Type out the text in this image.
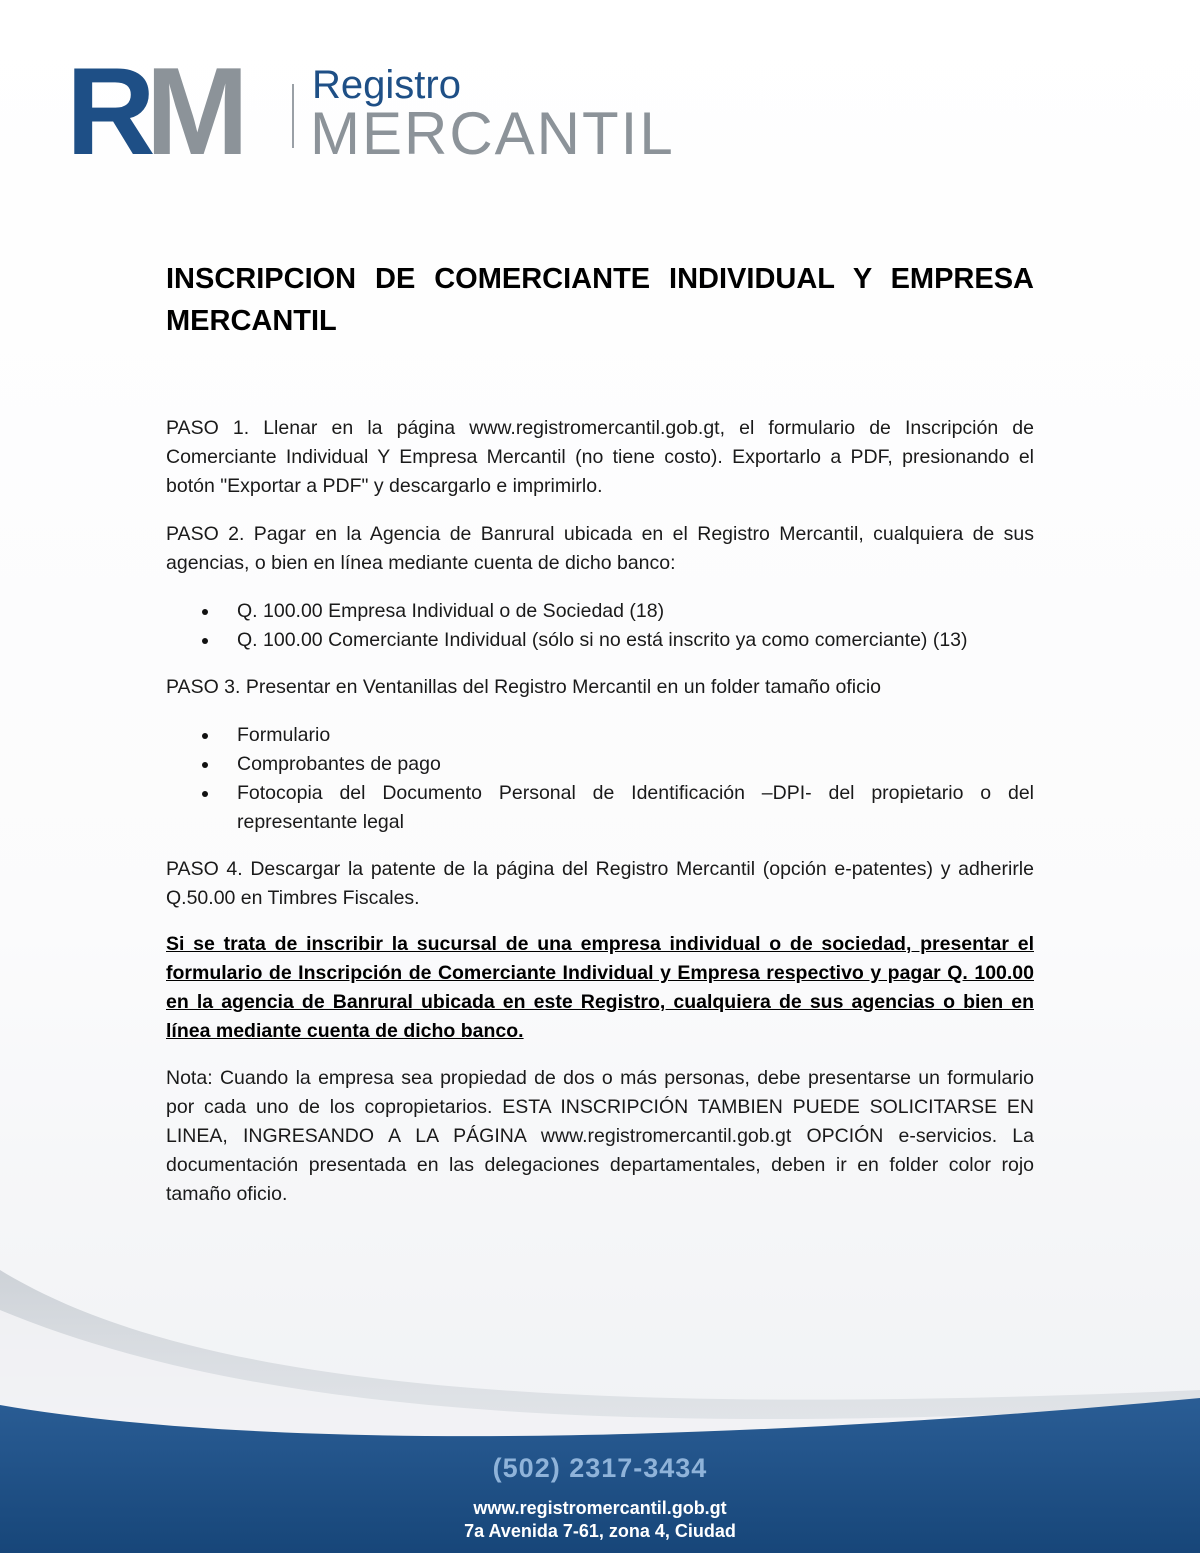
RM Registro
MERCANTIL
INSCRIPCION DE COMERCIANTE INDIVIDUAL Y EMPRESA MERCANTIL

PASO 1. Llenar en la página www.registromercantil.gob.gt, el formulario de Inscripción de Comerciante Individual Y Empresa Mercantil (no tiene costo). Exportarlo a PDF, presionando el botón "Exportar a PDF" y descargarlo e imprimirlo.

PASO 2. Pagar en la Agencia de Banrural ubicada en el Registro Mercantil, cualquiera de sus agencias, o bien en línea mediante cuenta de dicho banco:

Q. 100.00 Empresa Individual o de Sociedad (18)
Q. 100.00 Comerciante Individual (sólo si no está inscrito ya como comerciante) (13)

PASO 3. Presentar en Ventanillas del Registro Mercantil en un folder tamaño oficio

Formulario
Comprobantes de pago
Fotocopia del Documento Personal de Identificación –DPI- del propietario o del representante legal

PASO 4. Descargar la patente de la página del Registro Mercantil (opción e-patentes) y adherirle Q.50.00 en Timbres Fiscales.

Si se trata de inscribir la sucursal de una empresa individual o de sociedad, presentar el formulario de Inscripción de Comerciante Individual y Empresa respectivo y pagar Q. 100.00 en la agencia de Banrural ubicada en este Registro, cualquiera de sus agencias o bien en línea mediante cuenta de dicho banco.

Nota: Cuando la empresa sea propiedad de dos o más personas, debe presentarse un formulario por cada uno de los copropietarios. ESTA INSCRIPCIÓN TAMBIEN PUEDE SOLICITARSE EN LINEA, INGRESANDO A LA PÁGINA www.registromercantil.gob.gt OPCIÓN e-servicios. La documentación presentada en las delegaciones departamentales, deben ir en folder color rojo tamaño oficio.

(502) 2317-3434
www.registromercantil.gob.gt
7a Avenida 7-61, zona 4, Ciudad
